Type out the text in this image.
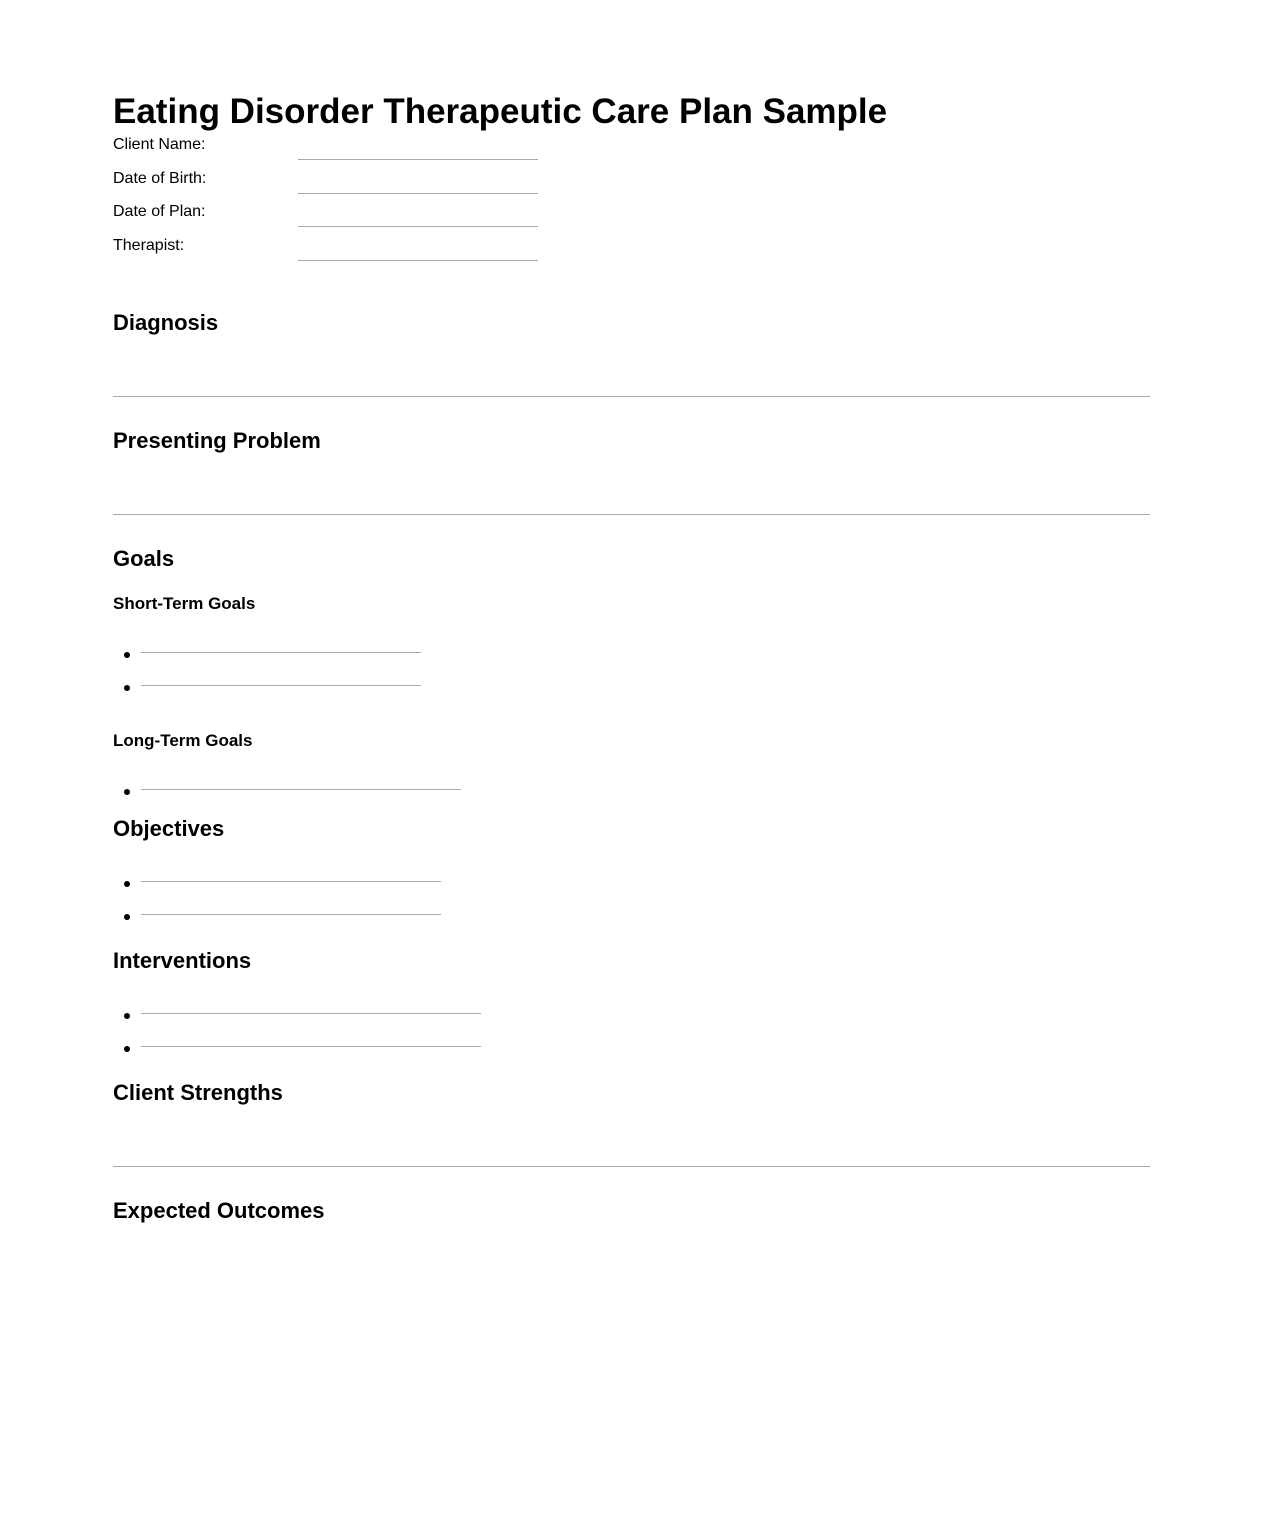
Eating Disorder Therapeutic Care Plan Sample
Client Name:
Date of Birth:
Date of Plan:
Therapist:
Diagnosis
Presenting Problem
Goals
Short-Term Goals
Long-Term Goals
Objectives
Interventions
Client Strengths
Expected Outcomes
